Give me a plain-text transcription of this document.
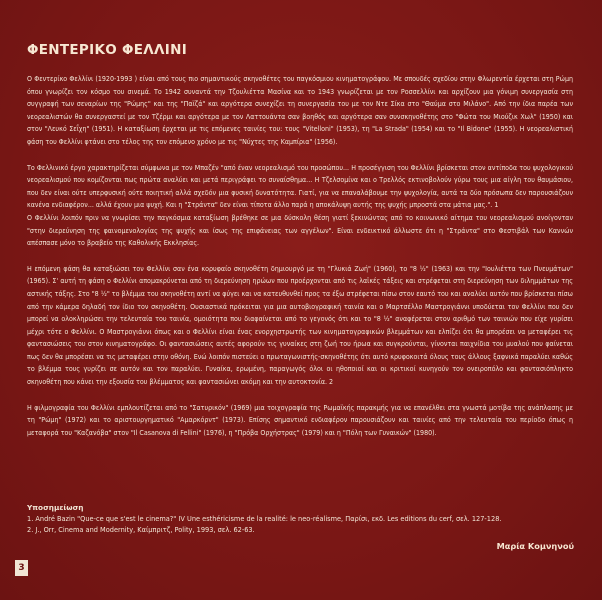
ΦΕΝΤΕΡΙΚΟ ΦΕΛΛΙΝΙ

Ο Φεντερίκο Φελλίνι (1920-1993 ) είναι από τους πιο σημαντικούς σκηνοθέτες του παγκόσμιου κινηματογράφου. Με σπουδές σχεδίου στην Φλωρεντία έρχεται στη Ρώμη όπου γνωρίζει τον κόσμο του σινεμά. Το 1942 συναντά την Τζουλιέττα Μασίνα και το 1943 γνωρίζεται με τον Ροσσελλίνι και αρχίζουν μια γόνιμη συνεργασία στη συγγραφή των σεναρίων της "Ρώμης" και της "Παϊζά" και αργότερα συνεχίζει τη συνεργασία του με τον Ντε Σίκα στο "Θαύμα στο Μιλάνο". Από την ίδια παρέα των νεορεαλιστών θα συνεργαστεί με τον Τζέρμι και αργότερα με τον Λαττουάντα σαν βοηθός και αργότερα σαν συνσκηνοθέτης στο "Φώτα του Μιούζικ Χωλ" (1950) και στον "Λευκό Σεΐχη" (1951). Η καταξίωση έρχεται με τις επόμενες ταινίες του: τους "Vitelloni" (1953), τη "La Strada" (1954) και το "Il Bidone" (1955). Η νεορεαλιστική φάση του Φελλίνι φτάνει στο τέλος της τον επόμενο χρόνο με τις "Νύχτες της Καμπίρια" (1956).

Το Φελλινικό έργο χαρακτηρίζεται σύμφωνα με τον Μπαζέν "από έναν νεορεαλισμό του προσώπου... Η προσέγγιση του Φελλίνι βρίσκεται στον αντίποδα του ψυχολογικού νεορεαλισμού που κομίζονται πως πρώτα αναλύει και μετά περιγράφει το συναίσθημα... Η Τζελσομίνα και ο Τρελλός εκτινοβολούν γύρω τους μια αίγλη του θαυμάσιου, που δεν είναι ούτε υπερφυσική ούτε ποιητική αλλά σχεδόν μια φυσική δυνατότητα. Γιατί, για να επαναλάβουμε την ψυχολογία, αυτά τα δύο πρόσωπα δεν παρουσιάζουν κανένα ενδιαφέρον... αλλά έχουν μια ψυχή. Και η "Στράντα" δεν είναι τίποτα άλλο παρά η αποκάλυψη αυτής της ψυχής μπροστά στα μάτια μας.". 1

Ο Φελλίνι λοιπόν πριν να γνωρίσει την παγκόσμια καταξίωση βρέθηκε σε μια δύσκολη θέση γιατί ξεκινώντας από το κοινωνικό αίτημα του νεορεαλισμού ανοίγονταν "στην διερεύνηση της φαινομενολογίας της ψυχής και ίσως της επιφάνειας των αγγέλων". Είναι ενδεικτικό άλλωστε ότι η "Στράντα" στο Φεστιβάλ των Καννών απέσπασε μόνο το βραβείο της Καθολικής Εκκλησίας.

Η επόμενη φάση θα καταξιώσει τον Φελλίνι σαν ένα κορυφαίο σκηνοθέτη δημιουργό με τη "Γλυκιά Ζωή" (1960), το "8 ½" (1963) και την "Ιουλιέττα των Πνευμάτων" (1965). Σ' αυτή τη φάση ο Φελλίνι απομακρύνεται από τη διερεύνηση ηρώων που προέρχονται από τις λαϊκές τάξεις και στρέφεται στη διερεύνηση των διλημμάτων της αστικής τάξης. Στο "8 ½" το βλέμμα του σκηνοθέτη αντί να φύγει και να κατευθυνθεί προς τα έξω στρέφεται πίσω στον εαυτό του και αναλύει αυτόν που βρίσκεται πίσω από την κάμερα δηλαδή τον ίδιο τον σκηνοθέτη. Ουσιαστικά πρόκειται για μια αυτοβιογραφική ταινία και ο Μαρτσέλλο Μαστρογιάννι υποδύεται τον Φελλίνι που δεν μπορεί να ολοκληρώσει την τελευταία του ταινία, ομοιότητα που διαφαίνεται από το γεγονός ότι και το "8 ½" αναφέρεται στον αριθμό των ταινιών που είχε γυρίσει μέχρι τότε ο Φελλίνι. Ο Μαστρογιάννι όπως και ο Φελλίνι είναι ένας ενορχηστρωτής των κινηματογραφικών βλεμμάτων και ελπίζει ότι θα μπορέσει να μεταφέρει τις φαντασιώσεις του στον κινηματογράφο. Οι φαντασιώσεις αυτές αφορούν τις γυναίκες στη ζωή του ήρωα και συγκρούνται, γίνονται παιχνίδια του μυαλού που φαίνεται πως δεν θα μπορέσει να τις μεταφέρει στην οθόνη. Ενώ λοιπόν πιστεύει ο πρωταγωνιστής-σκηνοθέτης ότι αυτό κρυφοκοιτά όλους τους άλλους ξαφνικά παραλύει καθώς το βλέμμα τους γυρίζει σε αυτόν και τον παραλύει. Γυναίκα, ερωμένη, παραγωγός όλοι οι ηθοποιοί και οι κριτικοί κυνηγούν τον ονειροπόλο και φαντασιόπληκτο σκηνοθέτη που κάνει την εξουσία του βλέμματος και φαντασιώνει ακόμη και την αυτοκτονία. 2

Η φιλμογραφία του Φελλίνι εμπλουτίζεται από το "Σατυρικόν" (1969) μια τοιχογραφία της Ρωμαϊκής παρακμής για να επανέλθει στα γνωστά μοτίβα της ανάπλασης με τη "Ρώμη" (1972) και το αριστουργηματικό "Αμαρκόρντ" (1973). Επίσης σημαντικό ενδιαφέρον παρουσιάζουν και ταινίες από την τελευταία του περίοδο όπως η μεταφορά του "Καζανόβα" στον "Il Casanova di Fellini" (1976), η "Πρόβα Ορχήστρας" (1979) και η "Πόλη των Γυναικών" (1980).

Υποσημείωση
1. André Bazin "Que-ce que s'est le cinema?" IV Une esthéricisme de la realité: le neo-réalisme, Παρίσι, εκδ. Les editions du cerf, σελ. 127-128.
2. J., Orr, Cinema and Modernity, Καίμπριτζ, Polity, 1993, σελ. 62-63.
Μαρία Κομνηνού
3
